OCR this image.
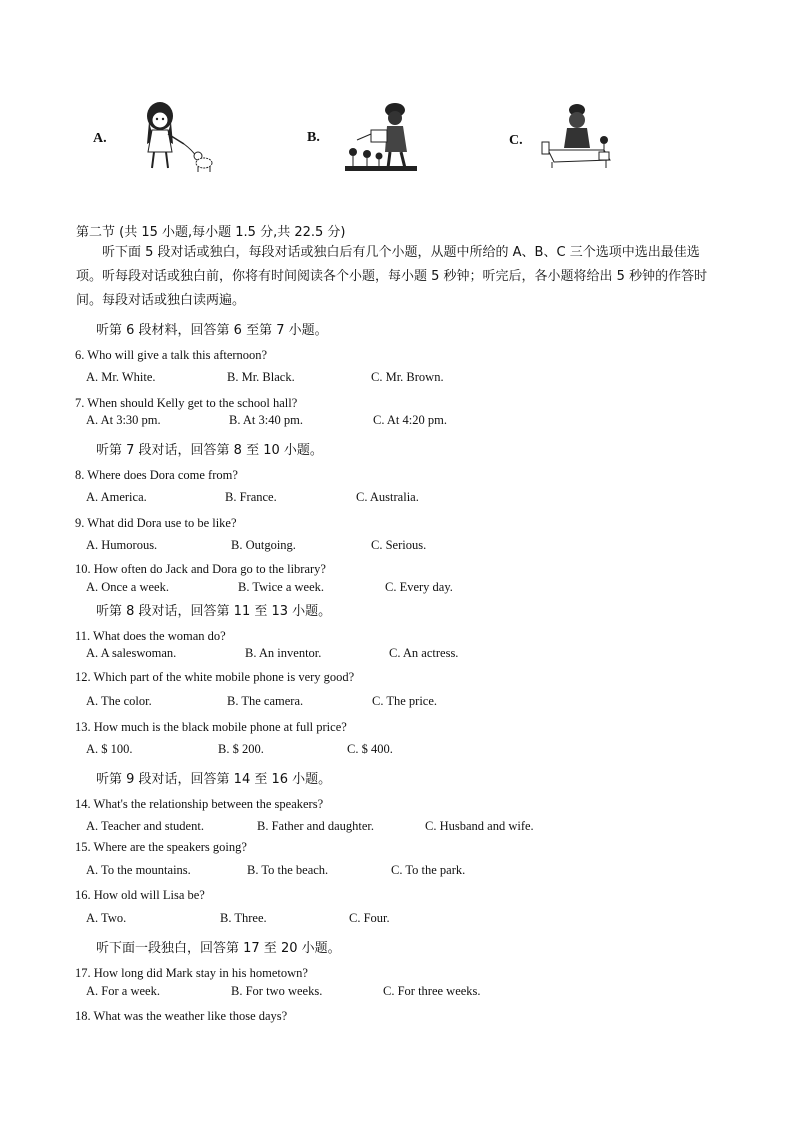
A.	B.	C.
第二节 (共 15 小题,每小题 1.5 分,共 22.5 分)
听下面 5 段对话或独白，每段对话或独白后有几个小题，从题中所给的 A、B、C 三个选项中选出最佳选项。听每段对话或独白前，你将有时间阅读各个小题，每小题 5 秒钟；听完后，各小题将给出 5 秒钟的作答时间。每段对话或独白读两遍。
听第 6 段材料，回答第 6 至第 7 小题。
6. Who will give a talk this afternoon?
A. Mr. White.	B. Mr. Black.	C. Mr. Brown.
7. When should Kelly get to the school hall?
A. At 3:30 pm.	B. At 3:40 pm.	C. At 4:20 pm.
听第 7 段对话，回答第 8 至 10 小题。
8. Where does Dora come from?
A. America.	B. France.	C. Australia.
9. What did Dora use to be like?
A. Humorous.	B. Outgoing.	C. Serious.
10. How often do Jack and Dora go to the library?
A. Once a week.	B. Twice a week.	C. Every day.
听第 8 段对话，回答第 11 至 13 小题。
11. What does the woman do?
A. A saleswoman.	B. An inventor.	C. An actress.
12. Which part of the white mobile phone is very good?
A. The color.	B. The camera.	C. The price.
13. How much is the black mobile phone at full price?
A. $ 100.	B. $ 200.	C. $ 400.
听第 9 段对话，回答第 14 至 16 小题。
14. What's the relationship between the speakers?
A. Teacher and student.	B. Father and daughter.	C. Husband and wife.
15. Where are the speakers going?
A. To the mountains.	B. To the beach.	C. To the park.
16. How old will Lisa be?
A. Two.	B. Three.	C. Four.
听下面一段独白，回答第 17 至 20 小题。
17. How long did Mark stay in his hometown?
A. For a week.	B. For two weeks.	C. For three weeks.
18. What was the weather like those days?
